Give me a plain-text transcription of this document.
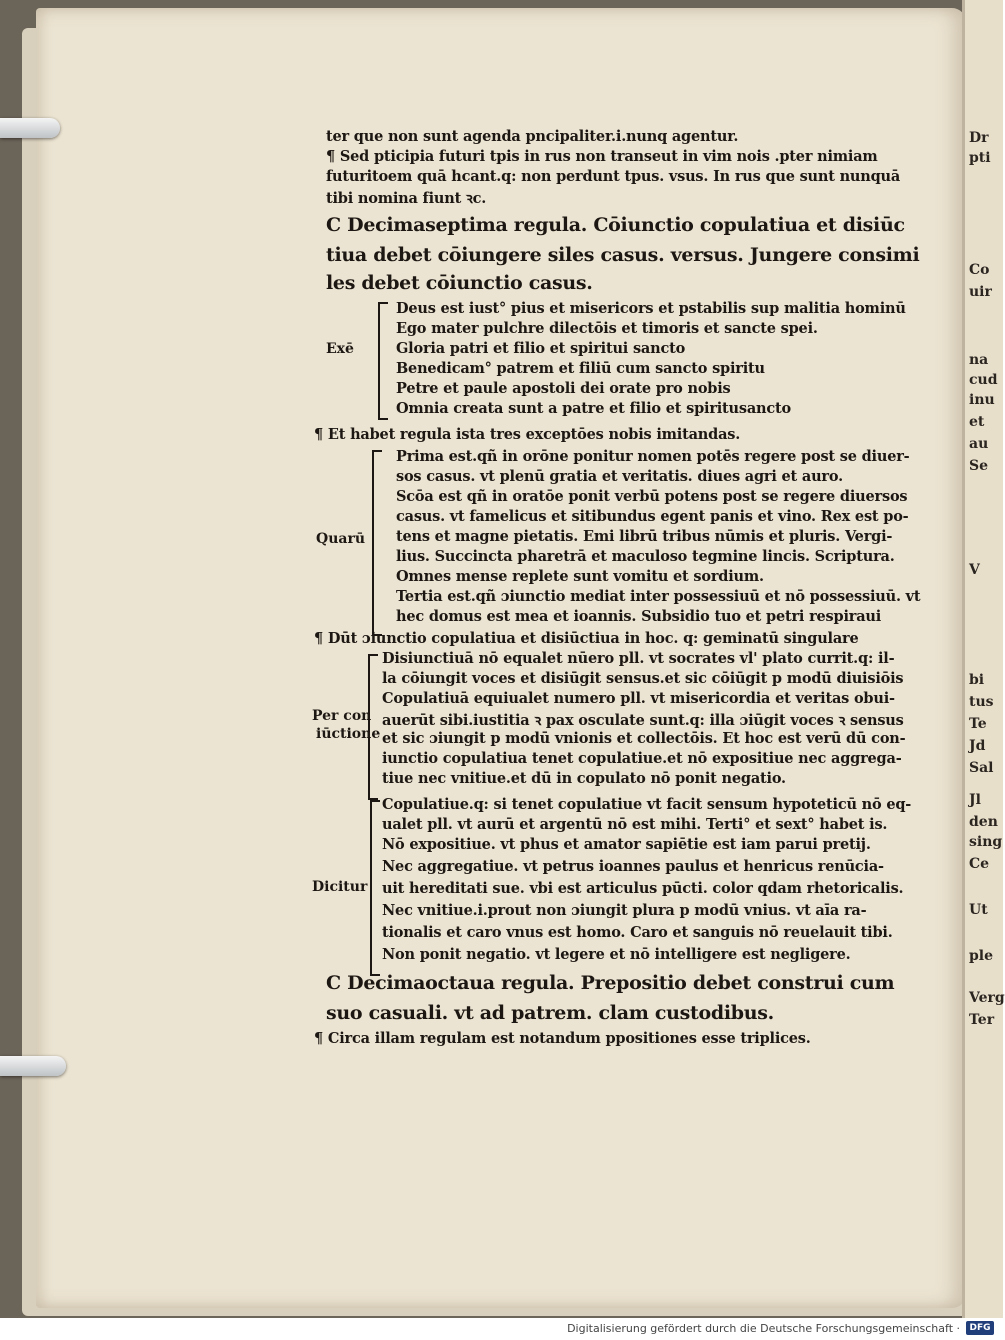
ter que non sunt agenda pncipaliter.i.nunq agentur.
¶ Sed pticipia futuri tpis in rus non transeut in vim nois .pter nimiam
futuritoem quā hcant.q: non perdunt tpus. vsus. In rus que sunt nunquā
tibi nomina fiunt ꝛc.
C Decimaseptima regula. Cōiunctio copulatiua et disiūc
tiua debet cōiungere siles casus. versus. Jungere consimi
les debet cōiunctio casus.
Deus est iust° pius et misericors et pstabilis sup malitia hominū
Ego mater pulchre dilectōis et timoris et sancte spei.
Gloria patri et filio et spiritui sancto
Benedicam° patrem et filiū cum sancto spiritu
Petre et paule apostoli dei orate pro nobis
Omnia creata sunt a patre et filio et spiritusancto
¶ Et habet regula ista tres exceptōes nobis imitandas.
Prima est.qñ in orōne ponitur nomen potēs regere post se diuer-
sos casus. vt plenū gratia et veritatis. diues agri et auro.
Scōa est qñ in oratōe ponit verbū potens post se regere diuersos
casus. vt famelicus et sitibundus egent panis et vino. Rex est po-
tens et magne pietatis. Emi librū tribus nūmis et pluris. Vergi-
lius. Succincta pharetrā et maculoso tegmine lincis. Scriptura.
Omnes mense replete sunt vomitu et sordium.
Tertia est.qñ ɔiunctio mediat inter possessiuū et nō possessiuū. vt
hec domus est mea et ioannis. Subsidio tuo et petri respiraui
¶ Dūt ɔiunctio copulatiua et disiūctiua in hoc. q: geminatū singulare
Disiunctiuā nō equalet nūero pll. vt socrates vl' plato currit.q: il-
la cōiungit voces et disiūgit sensus.et sic cōiūgit p modū diuisiōis
Copulatiuā equiualet numero pll. vt misericordia et veritas obui-
auerūt sibi.iustitia ꝛ pax osculate sunt.q: illa ɔiūgit voces ꝛ sensus
et sic ɔiungit p modū vnionis et collectōis. Et hoc est verū dū con-
iunctio copulatiua tenet copulatiue.et nō expositiue nec aggrega-
tiue nec vnitiue.et dū in copulato nō ponit negatio.
Copulatiue.q: si tenet copulatiue vt facit sensum hypoteticū nō eq-
ualet pll. vt aurū et argentū nō est mihi. Terti° et sext° habet is.
Nō expositiue. vt phus et amator sapiētie est iam parui pretij.
Nec aggregatiue. vt petrus ioannes paulus et henricus renūcia-
uit hereditati sue. vbi est articulus pūcti. color qdam rhetoricalis.
Nec vnitiue.i.prout non ɔiungit plura p modū vnius. vt aīa ra-
tionalis et caro vnus est homo. Caro et sanguis nō reuelauit tibi.
Non ponit negatio. vt legere et nō intelligere est negligere.
C Decimaoctaua regula. Prepositio debet construi cum
suo casuali. vt ad patrem. clam custodibus.
¶ Circa illam regulam est notandum ppositiones esse triplices.
Exē
Quarū
Per con
iūctione
Dicitur
Dr
pti
Co
uir
na
cud
inu
et
au
Se
V
bi
tus
Te
Jd
Sal
Jl
den
sing
Ce
Ut
ple
Verg
Ter
Digitalisierung gefördert durch die Deutsche Forschungsgemeinschaft ·	DFG
